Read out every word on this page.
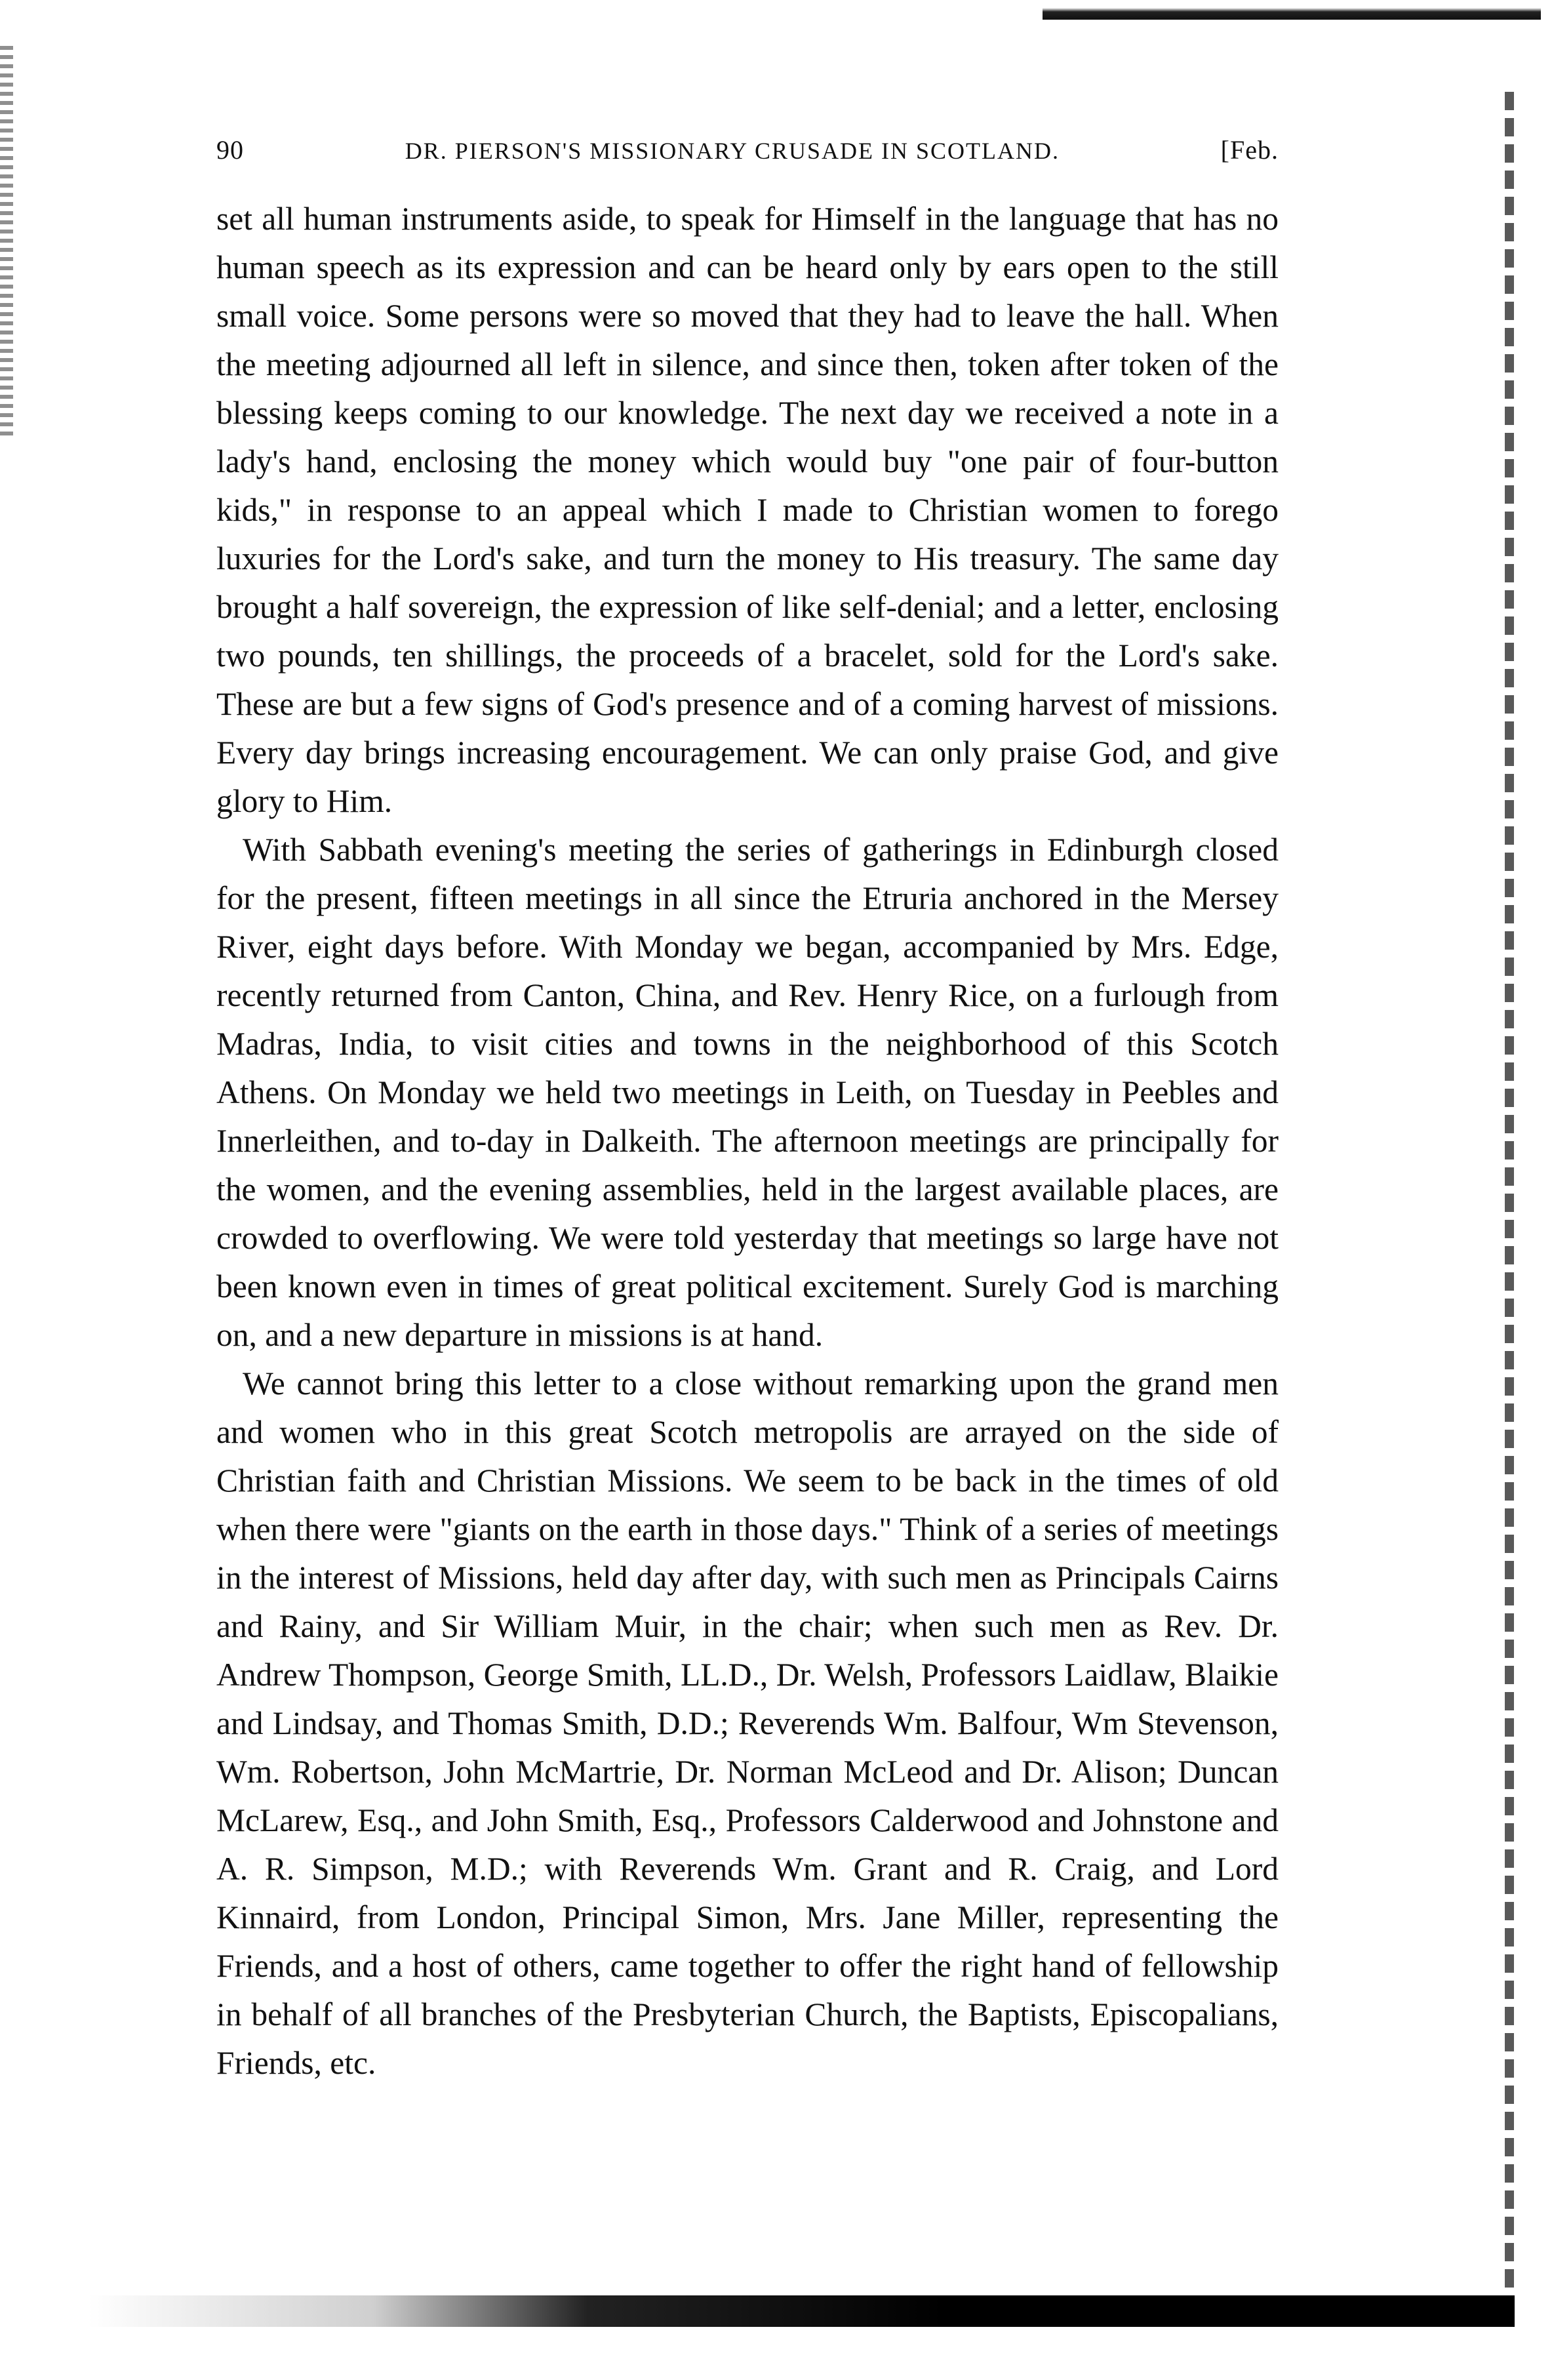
90	DR. PIERSON'S MISSIONARY CRUSADE IN SCOTLAND.	[Feb.

set all human instruments aside, to speak for Himself in the language that has no human speech as its expression and can be heard only by ears open to the still small voice. Some persons were so moved that they had to leave the hall. When the meeting adjourned all left in silence, and since then, token after token of the blessing keeps coming to our knowledge. The next day we received a note in a lady's hand, enclosing the money which would buy "one pair of four-button kids," in response to an appeal which I made to Christian women to forego luxuries for the Lord's sake, and turn the money to His treasury. The same day brought a half sovereign, the expression of like self-denial; and a letter, enclosing two pounds, ten shillings, the proceeds of a bracelet, sold for the Lord's sake. These are but a few signs of God's presence and of a coming harvest of missions. Every day brings increasing encouragement. We can only praise God, and give glory to Him.

With Sabbath evening's meeting the series of gatherings in Edinburgh closed for the present, fifteen meetings in all since the Etruria anchored in the Mersey River, eight days before. With Monday we began, accompanied by Mrs. Edge, recently returned from Canton, China, and Rev. Henry Rice, on a furlough from Madras, India, to visit cities and towns in the neighborhood of this Scotch Athens. On Monday we held two meetings in Leith, on Tuesday in Peebles and Innerleithen, and to-day in Dalkeith. The afternoon meetings are principally for the women, and the evening assemblies, held in the largest available places, are crowded to overflowing. We were told yesterday that meetings so large have not been known even in times of great political excitement. Surely God is marching on, and a new departure in missions is at hand.

We cannot bring this letter to a close without remarking upon the grand men and women who in this great Scotch metropolis are arrayed on the side of Christian faith and Christian Missions. We seem to be back in the times of old when there were "giants on the earth in those days." Think of a series of meetings in the interest of Missions, held day after day, with such men as Principals Cairns and Rainy, and Sir William Muir, in the chair; when such men as Rev. Dr. Andrew Thompson, George Smith, LL.D., Dr. Welsh, Professors Laidlaw, Blaikie and Lindsay, and Thomas Smith, D.D.; Reverends Wm. Balfour, Wm Stevenson, Wm. Robertson, John McMartrie, Dr. Norman McLeod and Dr. Alison; Duncan McLarew, Esq., and John Smith, Esq., Professors Calderwood and Johnstone and A. R. Simpson, M.D.; with Reverends Wm. Grant and R. Craig, and Lord Kinnaird, from London, Principal Simon, Mrs. Jane Miller, representing the Friends, and a host of others, came together to offer the right hand of fellowship in behalf of all branches of the Presbyterian Church, the Baptists, Episcopalians, Friends, etc.
